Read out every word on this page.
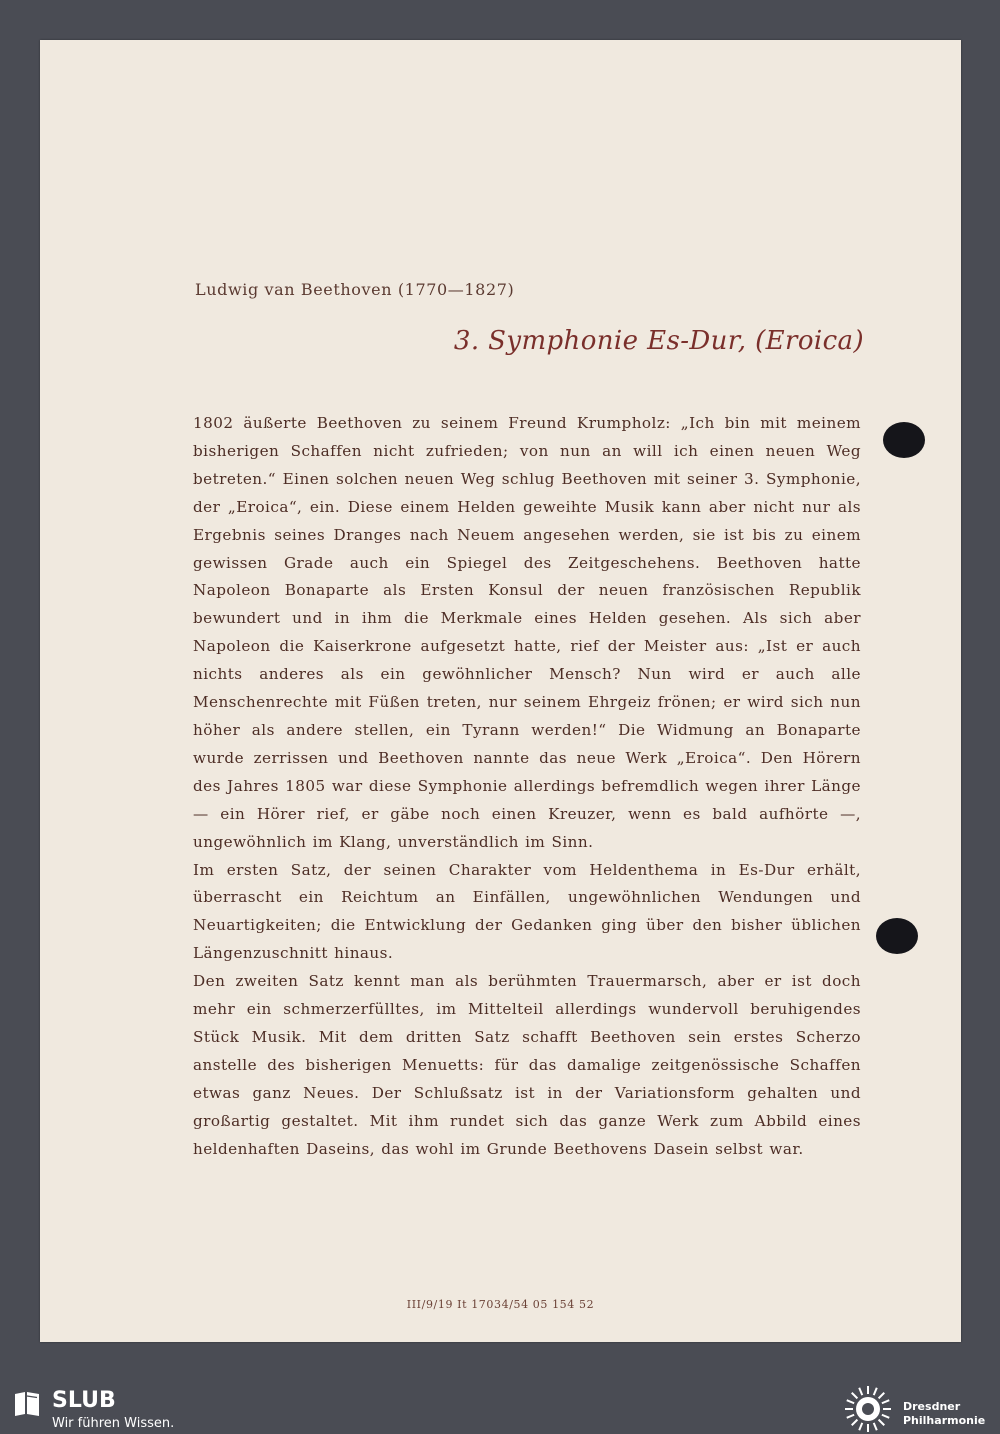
Ludwig van Beethoven (1770—1827)
3. Symphonie Es-Dur, (Eroica)

1802 äußerte Beethoven zu seinem Freund Krumpholz: „Ich bin mit meinem bisherigen Schaffen nicht zufrieden; von nun an will ich einen neuen Weg betreten.“ Einen solchen neuen Weg schlug Beethoven mit seiner 3. Symphonie, der „Eroica“, ein. Diese einem Helden geweihte Musik kann aber nicht nur als Ergebnis seines Dranges nach Neuem angesehen werden, sie ist bis zu einem gewissen Grade auch ein Spiegel des Zeitgeschehens. Beethoven hatte Napoleon Bonaparte als Ersten Konsul der neuen französischen Republik bewundert und in ihm die Merkmale eines Helden gesehen. Als sich aber Napoleon die Kaiserkrone aufgesetzt hatte, rief der Meister aus: „Ist er auch nichts anderes als ein gewöhnlicher Mensch? Nun wird er auch alle Menschenrechte mit Füßen treten, nur seinem Ehrgeiz frönen; er wird sich nun höher als andere stellen, ein Tyrann werden!“ Die Widmung an Bonaparte wurde zerrissen und Beethoven nannte das neue Werk „Eroica“. Den Hörern des Jahres 1805 war diese Symphonie allerdings befremdlich wegen ihrer Länge — ein Hörer rief, er gäbe noch einen Kreuzer, wenn es bald aufhörte —, ungewöhnlich im Klang, unverständlich im Sinn.

Im ersten Satz, der seinen Charakter vom Heldenthema in Es-Dur erhält, überrascht ein Reichtum an Einfällen, ungewöhnlichen Wendungen und Neuartigkeiten; die Entwicklung der Gedanken ging über den bisher üblichen Längenzuschnitt hinaus.

Den zweiten Satz kennt man als berühmten Trauermarsch, aber er ist doch mehr ein schmerzerfülltes, im Mittelteil allerdings wundervoll beruhigendes Stück Musik. Mit dem dritten Satz schafft Beethoven sein erstes Scherzo anstelle des bisherigen Menuetts: für das damalige zeitgenössische Schaffen etwas ganz Neues. Der Schlußsatz ist in der Variationsform gehalten und großartig gestaltet. Mit ihm rundet sich das ganze Werk zum Abbild eines heldenhaften Daseins, das wohl im Grunde Beethovens Dasein selbst war.

III/9/19 It 17034/54 05 154 52
SLUB
Wir führen Wissen.
Dresdner
Philharmonie
